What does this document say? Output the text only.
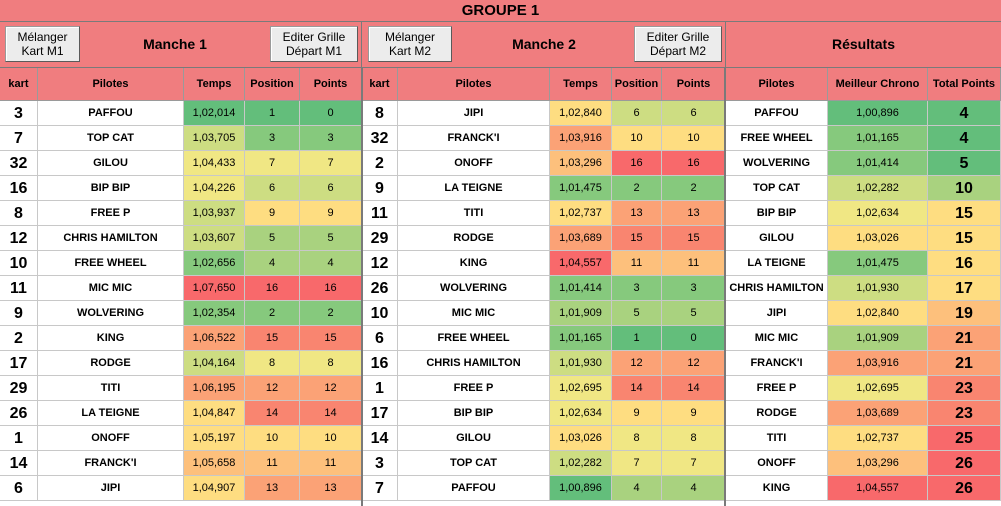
GROUPE 1
Mélanger
Kart M1	Manche 1	Editer Grille
Départ M1
Mélanger
Kart M2	Manche 2	Editer Grille
Départ M2	Résultats
kart	Pilotes	Temps	Position	Points	kart	Pilotes	Temps	Position	Points	Pilotes	Meilleur Chrono	Total Points
3	PAFFOU	1,02,014	1	0
7	TOP CAT	1,03,705	3	3
32	GILOU	1,04,433	7	7
16	BIP BIP	1,04,226	6	6
8	FREE P	1,03,937	9	9
12	CHRIS HAMILTON	1,03,607	5	5
10	FREE WHEEL	1,02,656	4	4
11	MIC MIC	1,07,650	16	16
9	WOLVERING	1,02,354	2	2
2	KING	1,06,522	15	15
17	RODGE	1,04,164	8	8
29	TITI	1,06,195	12	12
26	LA TEIGNE	1,04,847	14	14
1	ONOFF	1,05,197	10	10
14	FRANCK'I	1,05,658	11	11
6	JIPI	1,04,907	13	13
8	JIPI	1,02,840	6	6
32	FRANCK'I	1,03,916	10	10
2	ONOFF	1,03,296	16	16
9	LA TEIGNE	1,01,475	2	2
11	TITI	1,02,737	13	13
29	RODGE	1,03,689	15	15
12	KING	1,04,557	11	11
26	WOLVERING	1,01,414	3	3
10	MIC MIC	1,01,909	5	5
6	FREE WHEEL	1,01,165	1	0
16	CHRIS HAMILTON	1,01,930	12	12
1	FREE P	1,02,695	14	14
17	BIP BIP	1,02,634	9	9
14	GILOU	1,03,026	8	8
3	TOP CAT	1,02,282	7	7
7	PAFFOU	1,00,896	4	4
PAFFOU	1,00,896	4
FREE WHEEL	1,01,165	4
WOLVERING	1,01,414	5
TOP CAT	1,02,282	10
BIP BIP	1,02,634	15
GILOU	1,03,026	15
LA TEIGNE	1,01,475	16
CHRIS HAMILTON	1,01,930	17
JIPI	1,02,840	19
MIC MIC	1,01,909	21
FRANCK'I	1,03,916	21
FREE P	1,02,695	23
RODGE	1,03,689	23
TITI	1,02,737	25
ONOFF	1,03,296	26
KING	1,04,557	26
